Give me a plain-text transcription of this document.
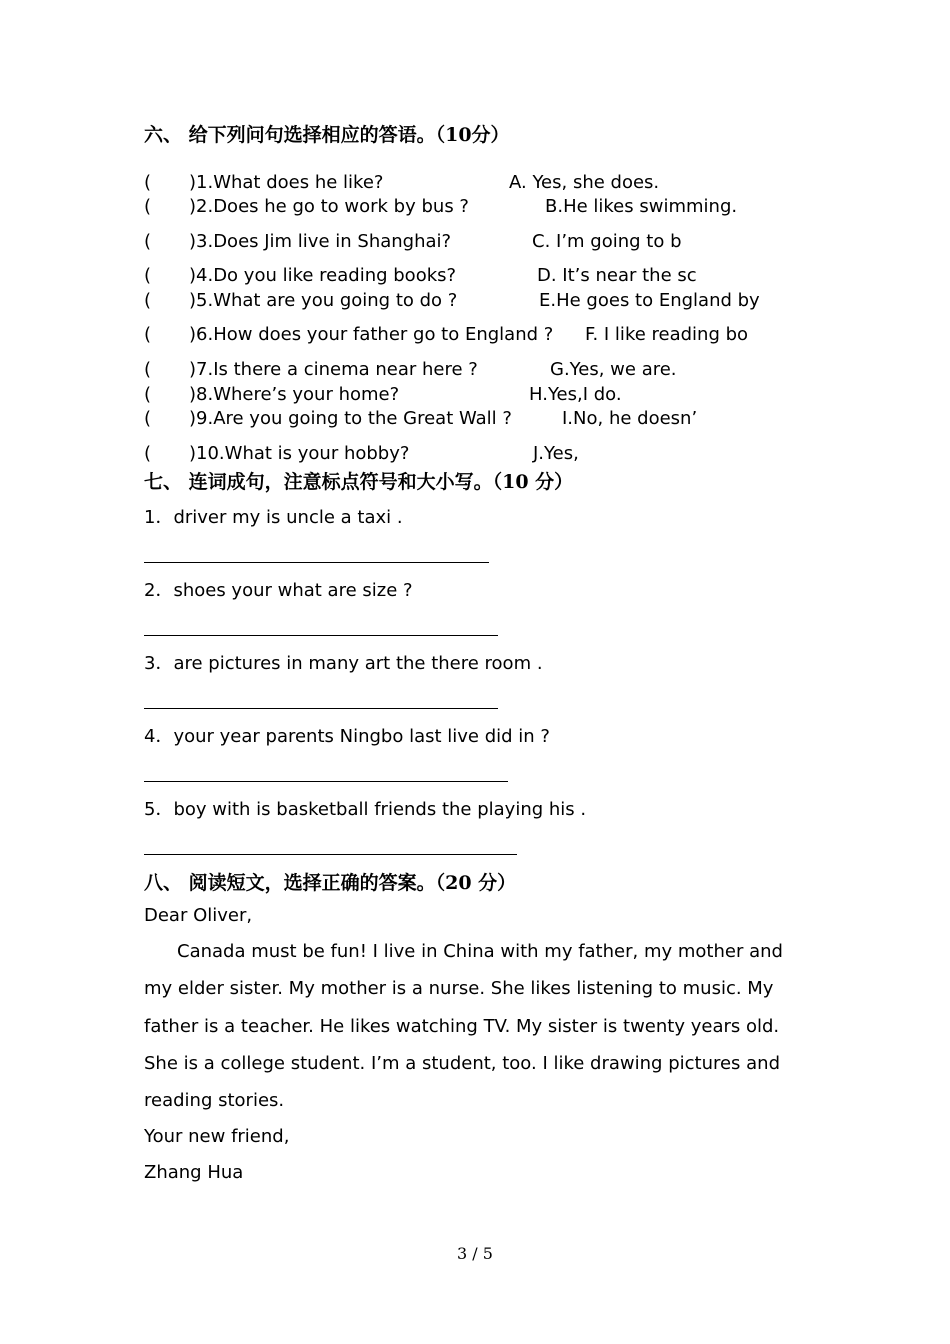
六、 给下列问句选择相应的答语。（10分）
( )1.What does he like?	A. Yes, she does.
( )2.Does he go to work by bus ?	B.He likes swimming.
( )3.Does Jim live in Shanghai?	C. I’m going to b
( )4.Do you like reading books?	D. It’s near the sc
( )5.What are you going to do ?	E.He goes to England by
( )6.How does your father go to England ? F. I like reading bo
( )7.Is there a cinema near here ?	G.Yes, we are.
( )8.Where’s your home?	H.Yes,I do.
( )9.Are you going to the Great Wall ?	I.No, he doesn’
( )10.What is your hobby?	J.Yes,
七、 连词成句，注意标点符号和大小写。（10 分）
1．driver my is uncle a taxi .
2．shoes your what are size ?
3．are pictures in many art the there room .
4．your year parents Ningbo last live did in ?
5．boy with is basketball friends the playing his .
八、 阅读短文，选择正确的答案。（20 分）
Dear Oliver,
Canada must be fun! I live in China with my father, my mother and my elder sister. My mother is a nurse. She likes listening to music. My father is a teacher. He likes watching TV. My sister is twenty years old. She is a college student. I’m a student, too. I like drawing pictures and reading stories.
Your new friend,
Zhang Hua
3 / 5
